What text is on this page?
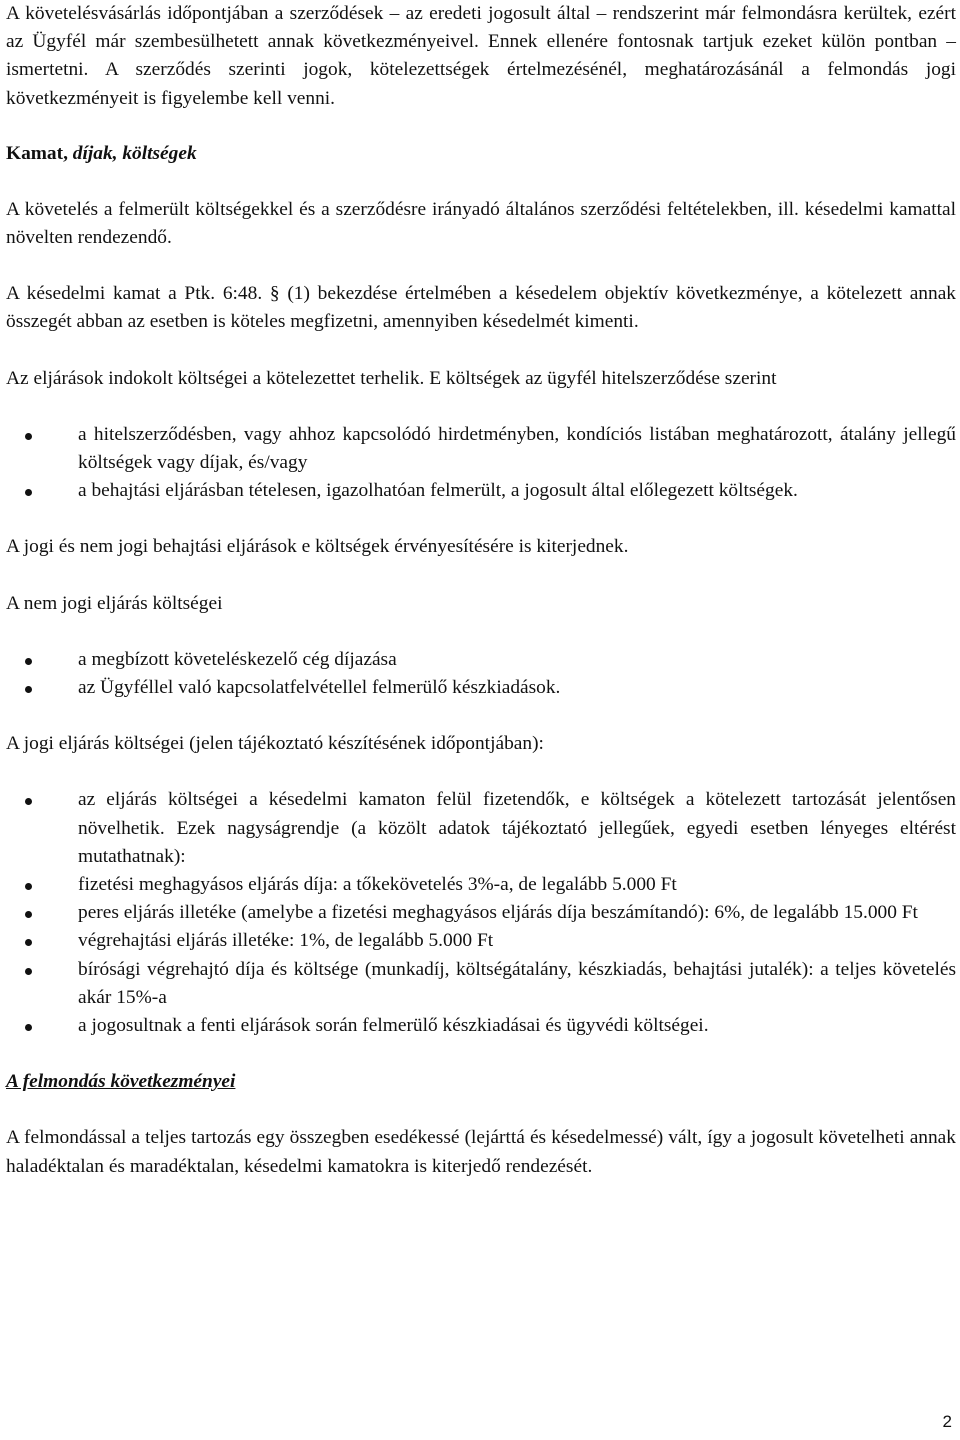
A követelésvásárlás időpontjában a szerződések – az eredeti jogosult által – rendszerint már felmondásra kerültek, ezért az Ügyfél már szembesülhetett annak következményeivel. Ennek ellenére fontosnak tartjuk ezeket külön pontban – ismertetni. A szerződés szerinti jogok, kötelezettségek értelmezésénél, meghatározásánál a felmondás jogi következményeit is figyelembe kell venni.

Kamat, díjak, költségek

A követelés a felmerült költségekkel és a szerződésre irányadó általános szerződési feltételekben, ill. késedelmi kamattal növelten rendezendő.

A késedelmi kamat a Ptk. 6:48. § (1) bekezdése értelmében a késedelem objektív következménye, a kötelezett annak összegét abban az esetben is köteles megfizetni, amennyiben késedelmét kimenti.

Az eljárások indokolt költségei a kötelezettet terhelik. E költségek az ügyfél hitelszerződése szerint

a hitelszerződésben, vagy ahhoz kapcsolódó hirdetményben, kondíciós listában meghatározott, átalány jellegű költségek vagy díjak, és/vagy
a behajtási eljárásban tételesen, igazolhatóan felmerült, a jogosult által előlegezett költségek.

A jogi és nem jogi behajtási eljárások e költségek érvényesítésére is kiterjednek.

A nem jogi eljárás költségei

a megbízott követeléskezelő cég díjazása
az Ügyféllel való kapcsolatfelvétellel felmerülő készkiadások.

A jogi eljárás költségei (jelen tájékoztató készítésének időpontjában):

az eljárás költségei a késedelmi kamaton felül fizetendők, e költségek a kötelezett tartozását jelentősen növelhetik. Ezek nagyságrendje (a közölt adatok tájékoztató jellegűek, egyedi esetben lényeges eltérést mutathatnak):
fizetési meghagyásos eljárás díja: a tőkekövetelés 3%-a, de legalább 5.000 Ft
peres eljárás illetéke (amelybe a fizetési meghagyásos eljárás díja beszámítandó): 6%, de legalább 15.000 Ft
végrehajtási eljárás illetéke: 1%, de legalább 5.000 Ft
bírósági végrehajtó díja és költsége (munkadíj, költségátalány, készkiadás, behajtási jutalék): a teljes követelés akár 15%-a
a jogosultnak a fenti eljárások során felmerülő készkiadásai és ügyvédi költségei.

A felmondás következményei

A felmondással a teljes tartozás egy összegben esedékessé (lejárttá és késedelmessé) vált, így a jogosult követelheti annak haladéktalan és maradéktalan, késedelmi kamatokra is kiterjedő rendezését.

2
